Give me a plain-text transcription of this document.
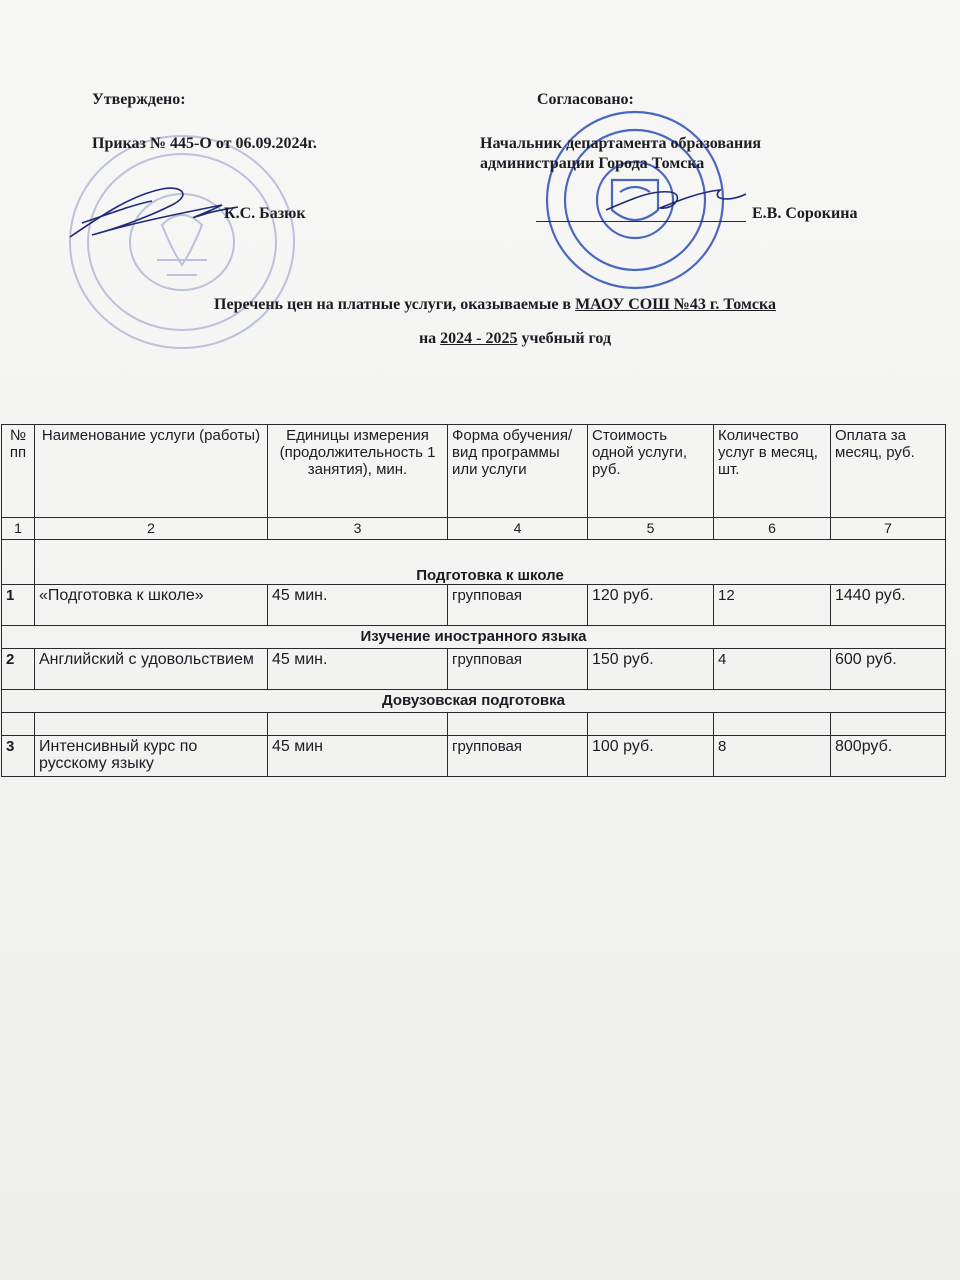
Утверждено:
Приказ № 445-О от 06.09.2024г.
К.С. Базюк
Согласовано:
Начальник департамента образования
администрации Города Томска
Е.В. Сорокина
Перечень цен на платные услуги, оказываемые в МАОУ СОШ №43 г. Томска
на 2024 - 2025 учебный год
№ пп	Наименование услуги (работы)	Единицы измерения (продолжительность 1 занятия), мин.	Форма обучения/вид программы или услуги	Стоимость одной услуги, руб.	Количество услуг в месяц, шт.	Оплата за месяц, руб.
1	2	3	4	5	6	7
	Подготовка к школе					
1	«Подготовка к школе»	45 мин.	групповая	120 руб.	12	1440 руб.
Изучение иностранного языка						
2	Английский с удовольствием	45 мин.	групповая	150 руб.	4	600 руб.
Довузовская подготовка						

3	Интенсивный курс по русскому языку	45 мин	групповая	100 руб.	8	800руб.
